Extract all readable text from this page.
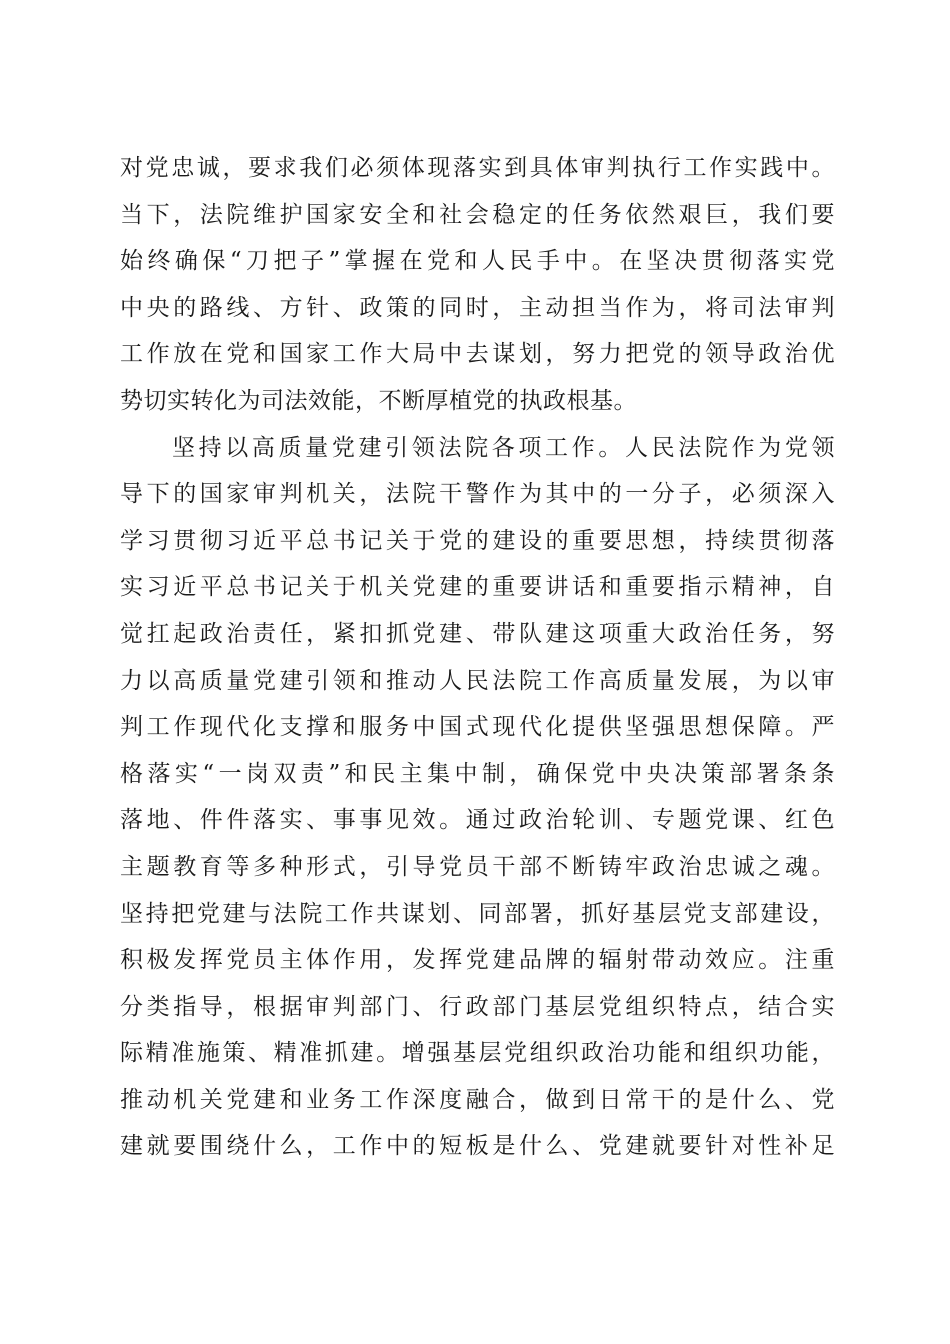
对党忠诚，要求我们必须体现落实到具体审判执行工作实践中。
当下，法院维护国家安全和社会稳定的任务依然艰巨，我们要
始终确保“刀把子”掌握在党和人民手中。在坚决贯彻落实党
中央的路线、方针、政策的同时，主动担当作为，将司法审判
工作放在党和国家工作大局中去谋划，努力把党的领导政治优
势切实转化为司法效能，不断厚植党的执政根基。
坚持以高质量党建引领法院各项工作。人民法院作为党领
导下的国家审判机关，法院干警作为其中的一分子，必须深入
学习贯彻习近平总书记关于党的建设的重要思想，持续贯彻落
实习近平总书记关于机关党建的重要讲话和重要指示精神，自
觉扛起政治责任，紧扣抓党建、带队建这项重大政治任务，努
力以高质量党建引领和推动人民法院工作高质量发展，为以审
判工作现代化支撑和服务中国式现代化提供坚强思想保障。严
格落实“一岗双责”和民主集中制，确保党中央决策部署条条
落地、件件落实、事事见效。通过政治轮训、专题党课、红色
主题教育等多种形式，引导党员干部不断铸牢政治忠诚之魂。
坚持把党建与法院工作共谋划、同部署，抓好基层党支部建设，
积极发挥党员主体作用，发挥党建品牌的辐射带动效应。注重
分类指导，根据审判部门、行政部门基层党组织特点，结合实
际精准施策、精准抓建。增强基层党组织政治功能和组织功能，
推动机关党建和业务工作深度融合，做到日常干的是什么、党
建就要围绕什么，工作中的短板是什么、党建就要针对性补足
